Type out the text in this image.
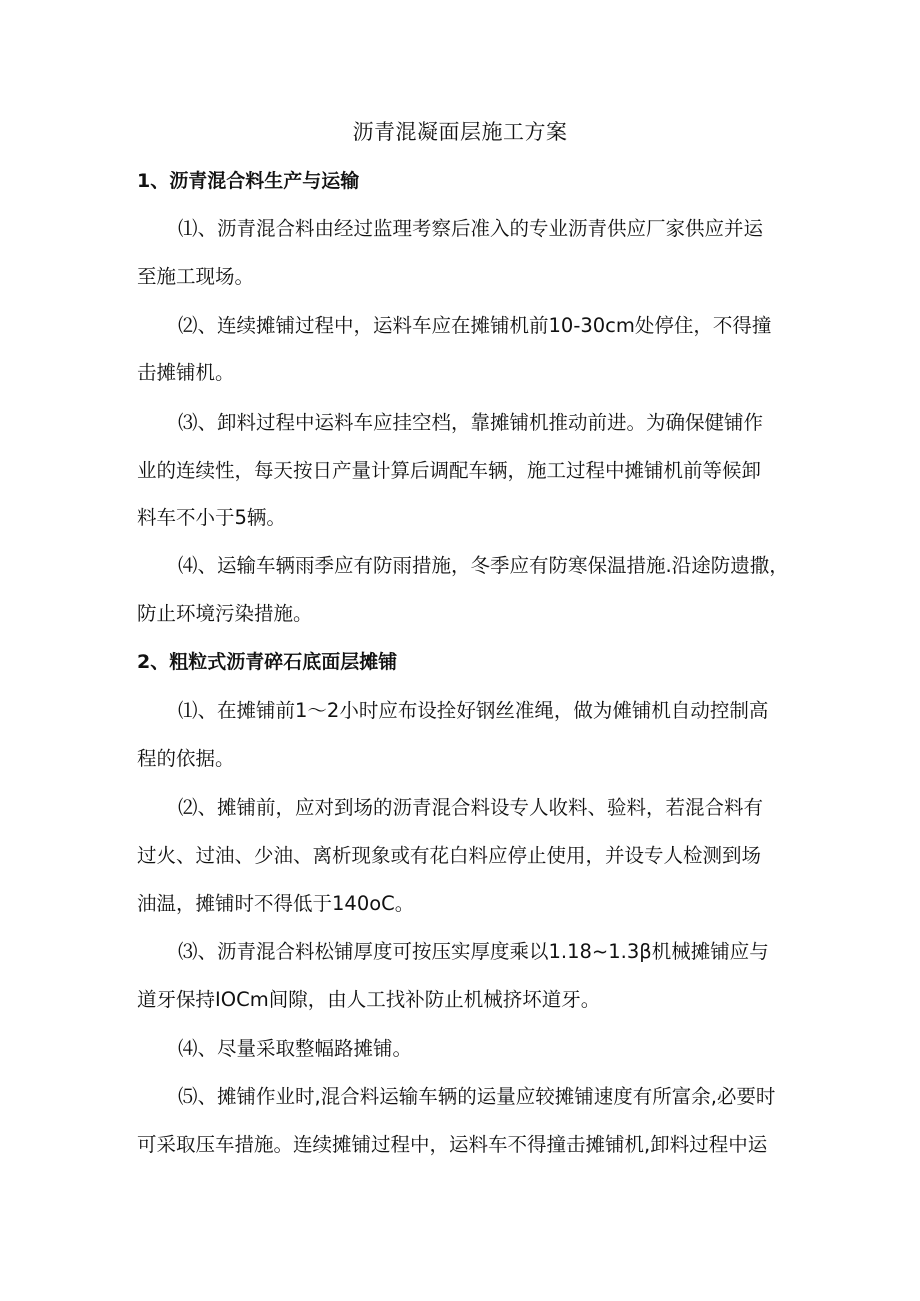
沥青混凝面层施工方案
1、沥青混合料生产与运输
⑴、沥青混合料由经过监理考察后准入的专业沥青供应厂家供应并运
至施工现场。
⑵、连续摊铺过程中，运料车应在摊铺机前10-30cm处停住，不得撞
击摊铺机。
⑶、卸料过程中运料车应挂空档，靠摊铺机推动前进。为确保健铺作
业的连续性，每天按日产量计算后调配车辆，施工过程中摊铺机前等候卸
料车不小于5辆。
⑷、运输车辆雨季应有防雨措施，冬季应有防寒保温措施.沿途防遗撒，
防止环境污染措施。
2、粗粒式沥青碎石底面层摊铺
⑴、在摊铺前1～2小时应布设拴好钢丝准绳，做为傩铺机自动控制高
程的依据。
⑵、摊铺前，应对到场的沥青混合料设专人收料、验料，若混合料有
过火、过油、少油、离析现象或有花白料应停止使用，并设专人检测到场
油温，摊铺时不得低于140oC。
⑶、沥青混合料松铺厚度可按压实厚度乘以1.18~1.3β机械摊铺应与
道牙保持IOCm间隙，由人工找补防止机械挤坏道牙。
⑷、尽量采取整幅路摊铺。
⑸、摊铺作业时,混合料运输车辆的运量应较摊铺速度有所富余,必要时
可采取压车措施。连续摊铺过程中，运料车不得撞击摊铺机,卸料过程中运
